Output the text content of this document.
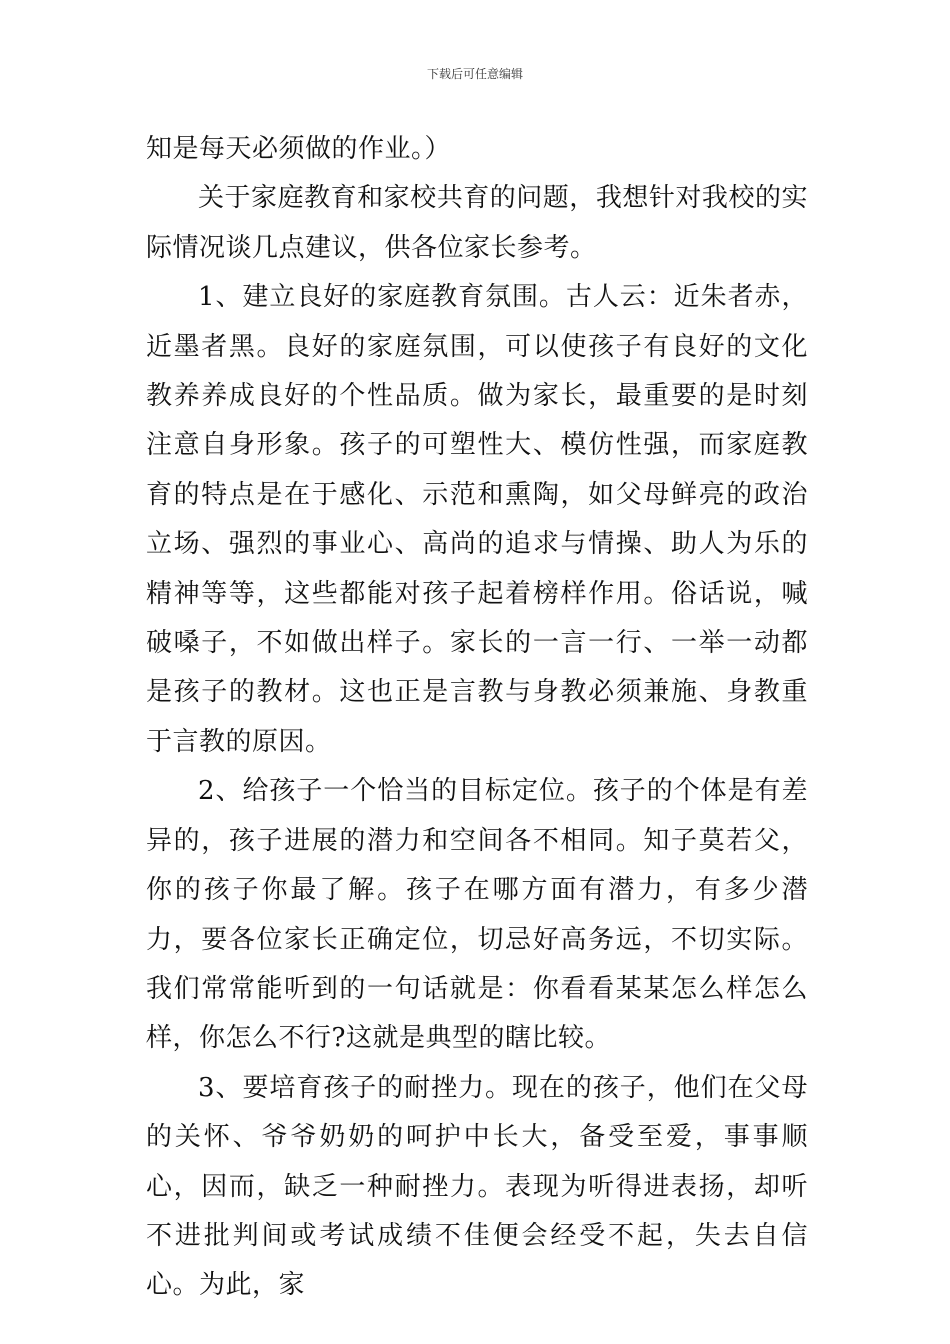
下载后可任意编辑

知是每天必须做的作业。）

关于家庭教育和家校共育的问题，我想针对我校的实际情况谈几点建议，供各位家长参考。

1、建立良好的家庭教育氛围。古人云：近朱者赤，近墨者黑。良好的家庭氛围，可以使孩子有良好的文化教养养成良好的个性品质。做为家长，最重要的是时刻注意自身形象。孩子的可塑性大、模仿性强，而家庭教育的特点是在于感化、示范和熏陶，如父母鲜亮的政治立场、强烈的事业心、高尚的追求与情操、助人为乐的精神等等，这些都能对孩子起着榜样作用。俗话说，喊破嗓子，不如做出样子。家长的一言一行、一举一动都是孩子的教材。这也正是言教与身教必须兼施、身教重于言教的原因。

2、给孩子一个恰当的目标定位。孩子的个体是有差异的，孩子进展的潜力和空间各不相同。知子莫若父，你的孩子你最了解。孩子在哪方面有潜力，有多少潜力，要各位家长正确定位，切忌好高务远，不切实际。我们常常能听到的一句话就是：你看看某某怎么样怎么样，你怎么不行?这就是典型的瞎比较。

3、要培育孩子的耐挫力。现在的孩子，他们在父母的关怀、爷爷奶奶的呵护中长大，备受至爱，事事顺心，因而，缺乏一种耐挫力。表现为听得进表扬，却听不进批判间或考试成绩不佳便会经受不起，失去自信心。为此，家
